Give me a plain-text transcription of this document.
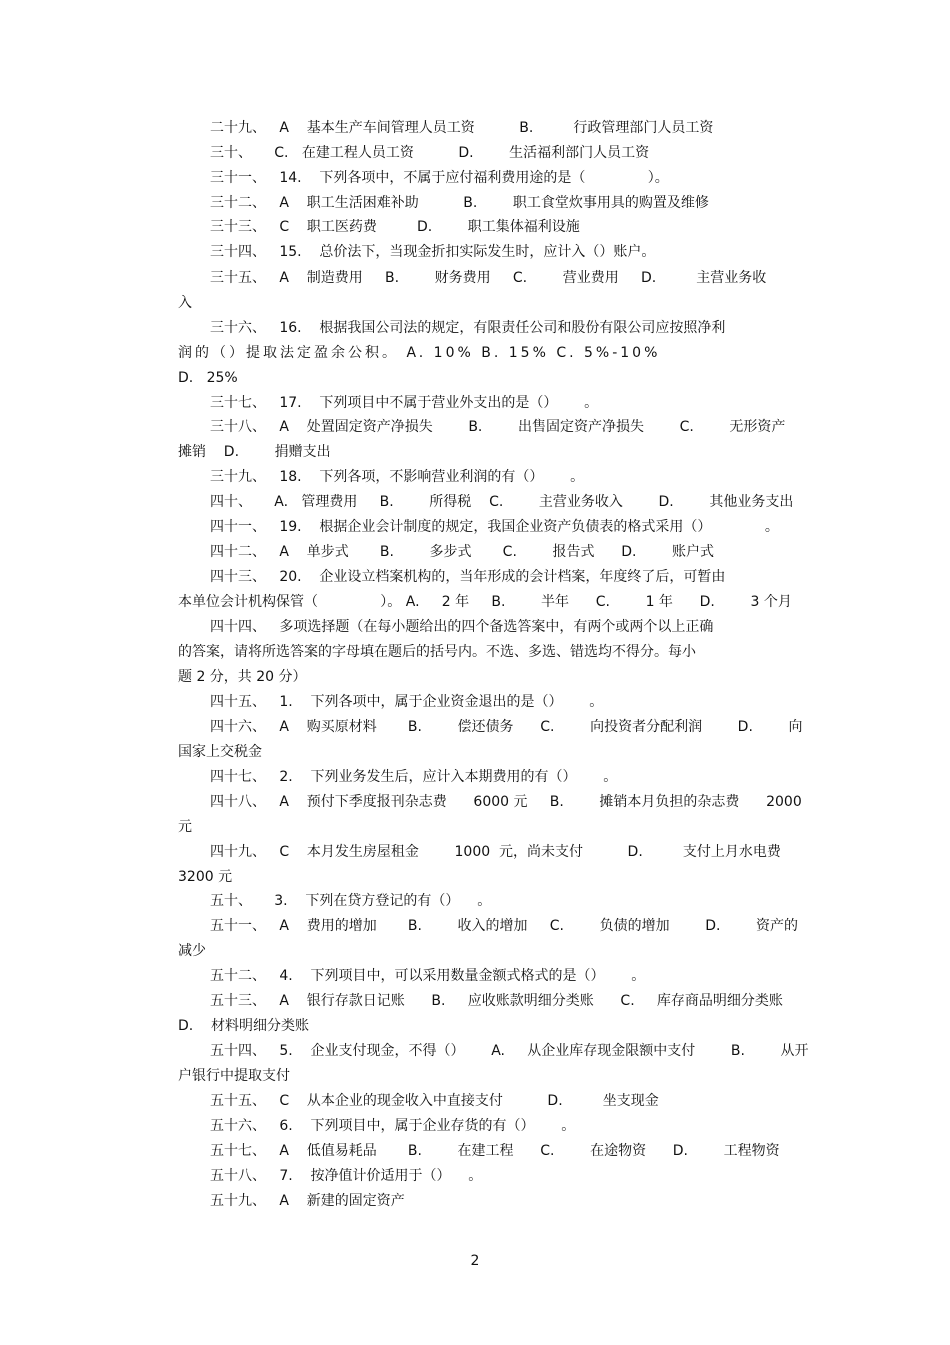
二十九、   A    基本生产车间管理人员工资          B.         行政管理部门人员工资
三十、     C.   在建工程人员工资          D.        生活福利部门人员工资
三十一、   14.    下列各项中，不属于应付福利费用途的是（              ）。
三十二、   A    职工生活困难补助          B.        职工食堂炊事用具的购置及维修
三十三、   C    职工医药费         D.        职工集体福利设施
三十四、   15.    总价法下，当现金折扣实际发生时，应计入（）账户。
三十五、   A    制造费用     B.        财务费用     C.        营业费用     D.         主营业务收
入
三十六、   16.    根据我国公司法的规定，有限责任公司和股份有限公司应按照净利
润的（）提取法定盈余公积。 A. 10% B. 15% C. 5%-10%
D.   25%
三十七、   17.    下列项目中不属于营业外支出的是（）      。
三十八、   A    处置固定资产净损失        B.        出售固定资产净损失        C.        无形资产
摊销    D.        捐赠支出
三十九、   18.    下列各项，不影响营业利润的有（）      。
四十、     A.   管理费用     B.        所得税    C.        主营业务收入        D.        其他业务支出
四十一、   19.    根据企业会计制度的规定，我国企业资产负债表的格式采用（）            。
四十二、   A    单步式       B.        多步式       C.        报告式      D.        账户式
四十三、   20.    企业设立档案机构的，当年形成的会计档案，年度终了后，可暂由
本单位会计机构保管（              ）。 A.     2 年     B.        半年      C.        1 年      D.        3 个月
四十四、   多项选择题（在每小题给出的四个备选答案中，有两个或两个以上正确
的答案，请将所选答案的字母填在题后的括号内。不选、多选、错选均不得分。每小
题 2 分，共 20 分）
四十五、   1.    下列各项中，属于企业资金退出的是（）      。
四十六、   A    购买原材料       B.        偿还债务      C.        向投资者分配利润        D.        向
国家上交税金
四十七、   2.    下列业务发生后，应计入本期费用的有（）      。
四十八、   A    预付下季度报刊杂志费      6000 元     B.        摊销本月负担的杂志费      2000
元
四十九、   C    本月发生房屋租金        1000  元，尚未支付          D.         支付上月水电费
3200 元
五十、     3.    下列在贷方登记的有（）    。
五十一、   A    费用的增加       B.        收入的增加     C.        负债的增加        D.        资产的
减少
五十二、   4.    下列项目中，可以采用数量金额式格式的是（）      。
五十三、   A    银行存款日记账      B.     应收账款明细分类账      C.     库存商品明细分类账
D.    材料明细分类账
五十四、   5.    企业支付现金，不得（）      A.     从企业库存现金限额中支付        B.        从开
户银行中提取支付
五十五、   C    从本企业的现金收入中直接支付          D.         坐支现金
五十六、   6.    下列项目中，属于企业存货的有（）      。
五十七、   A    低值易耗品       B.        在建工程      C.        在途物资      D.        工程物资
五十八、   7.    按净值计价适用于（）    。
五十九、   A    新建的固定资产
2
